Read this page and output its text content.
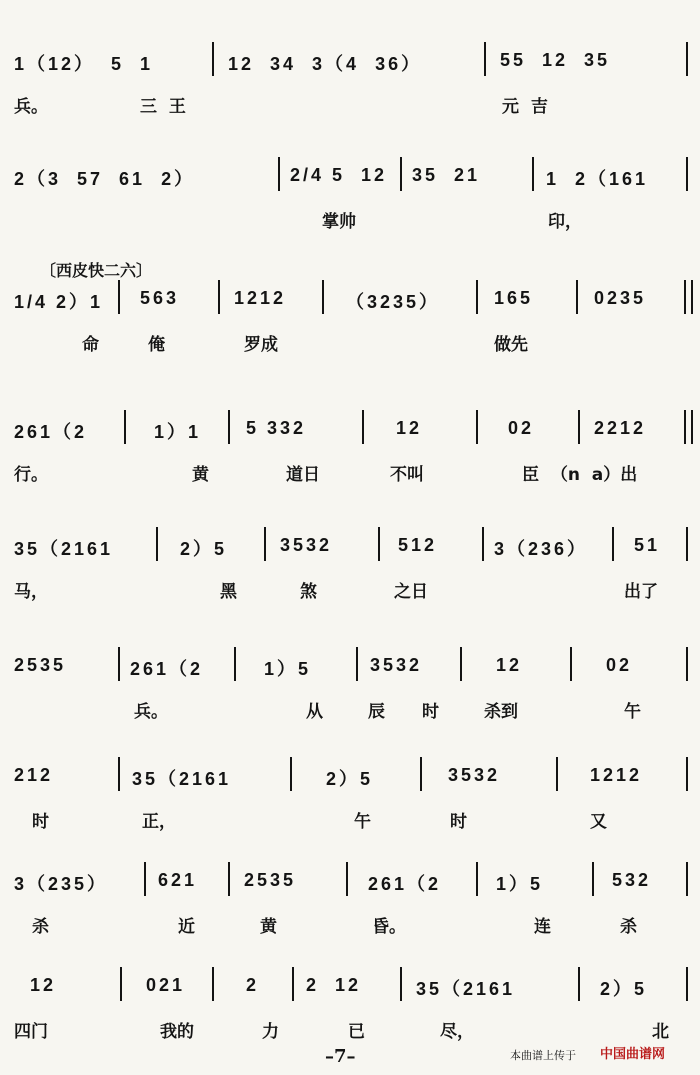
〔西皮快二六〕
1（12）  5  1	12  34  3（4  36）	55  12  35
兵。	三  王	元  吉
2（3  57  61  2）	2/4 5  12 35  21	1  2（161
掌帅	印，
1/4 2）1 563	1212	（3235）	165	0235
命	俺	罗成	做先
261（2	1）1 5 332	12	02	2212
行。	黄	道日	不叫	臣  （n  a）出
35（2161	2）5	3532	512	3（236）	51
马，	黑	煞	之日	出了
2535	261（2	1）5	3532	12	02
兵。	从	辰 时	杀到	午
212	35（2161	2）5	3532	1212
时	正，	午	时	又
3（235）	621	2535	261（2	1）5	532
杀	近	黄	昏。	连	杀
12	021	2	2  12	35（2161	2）5
四门	我的	力	已	尽，	北
–7–	本曲谱上传于 中国曲谱网
